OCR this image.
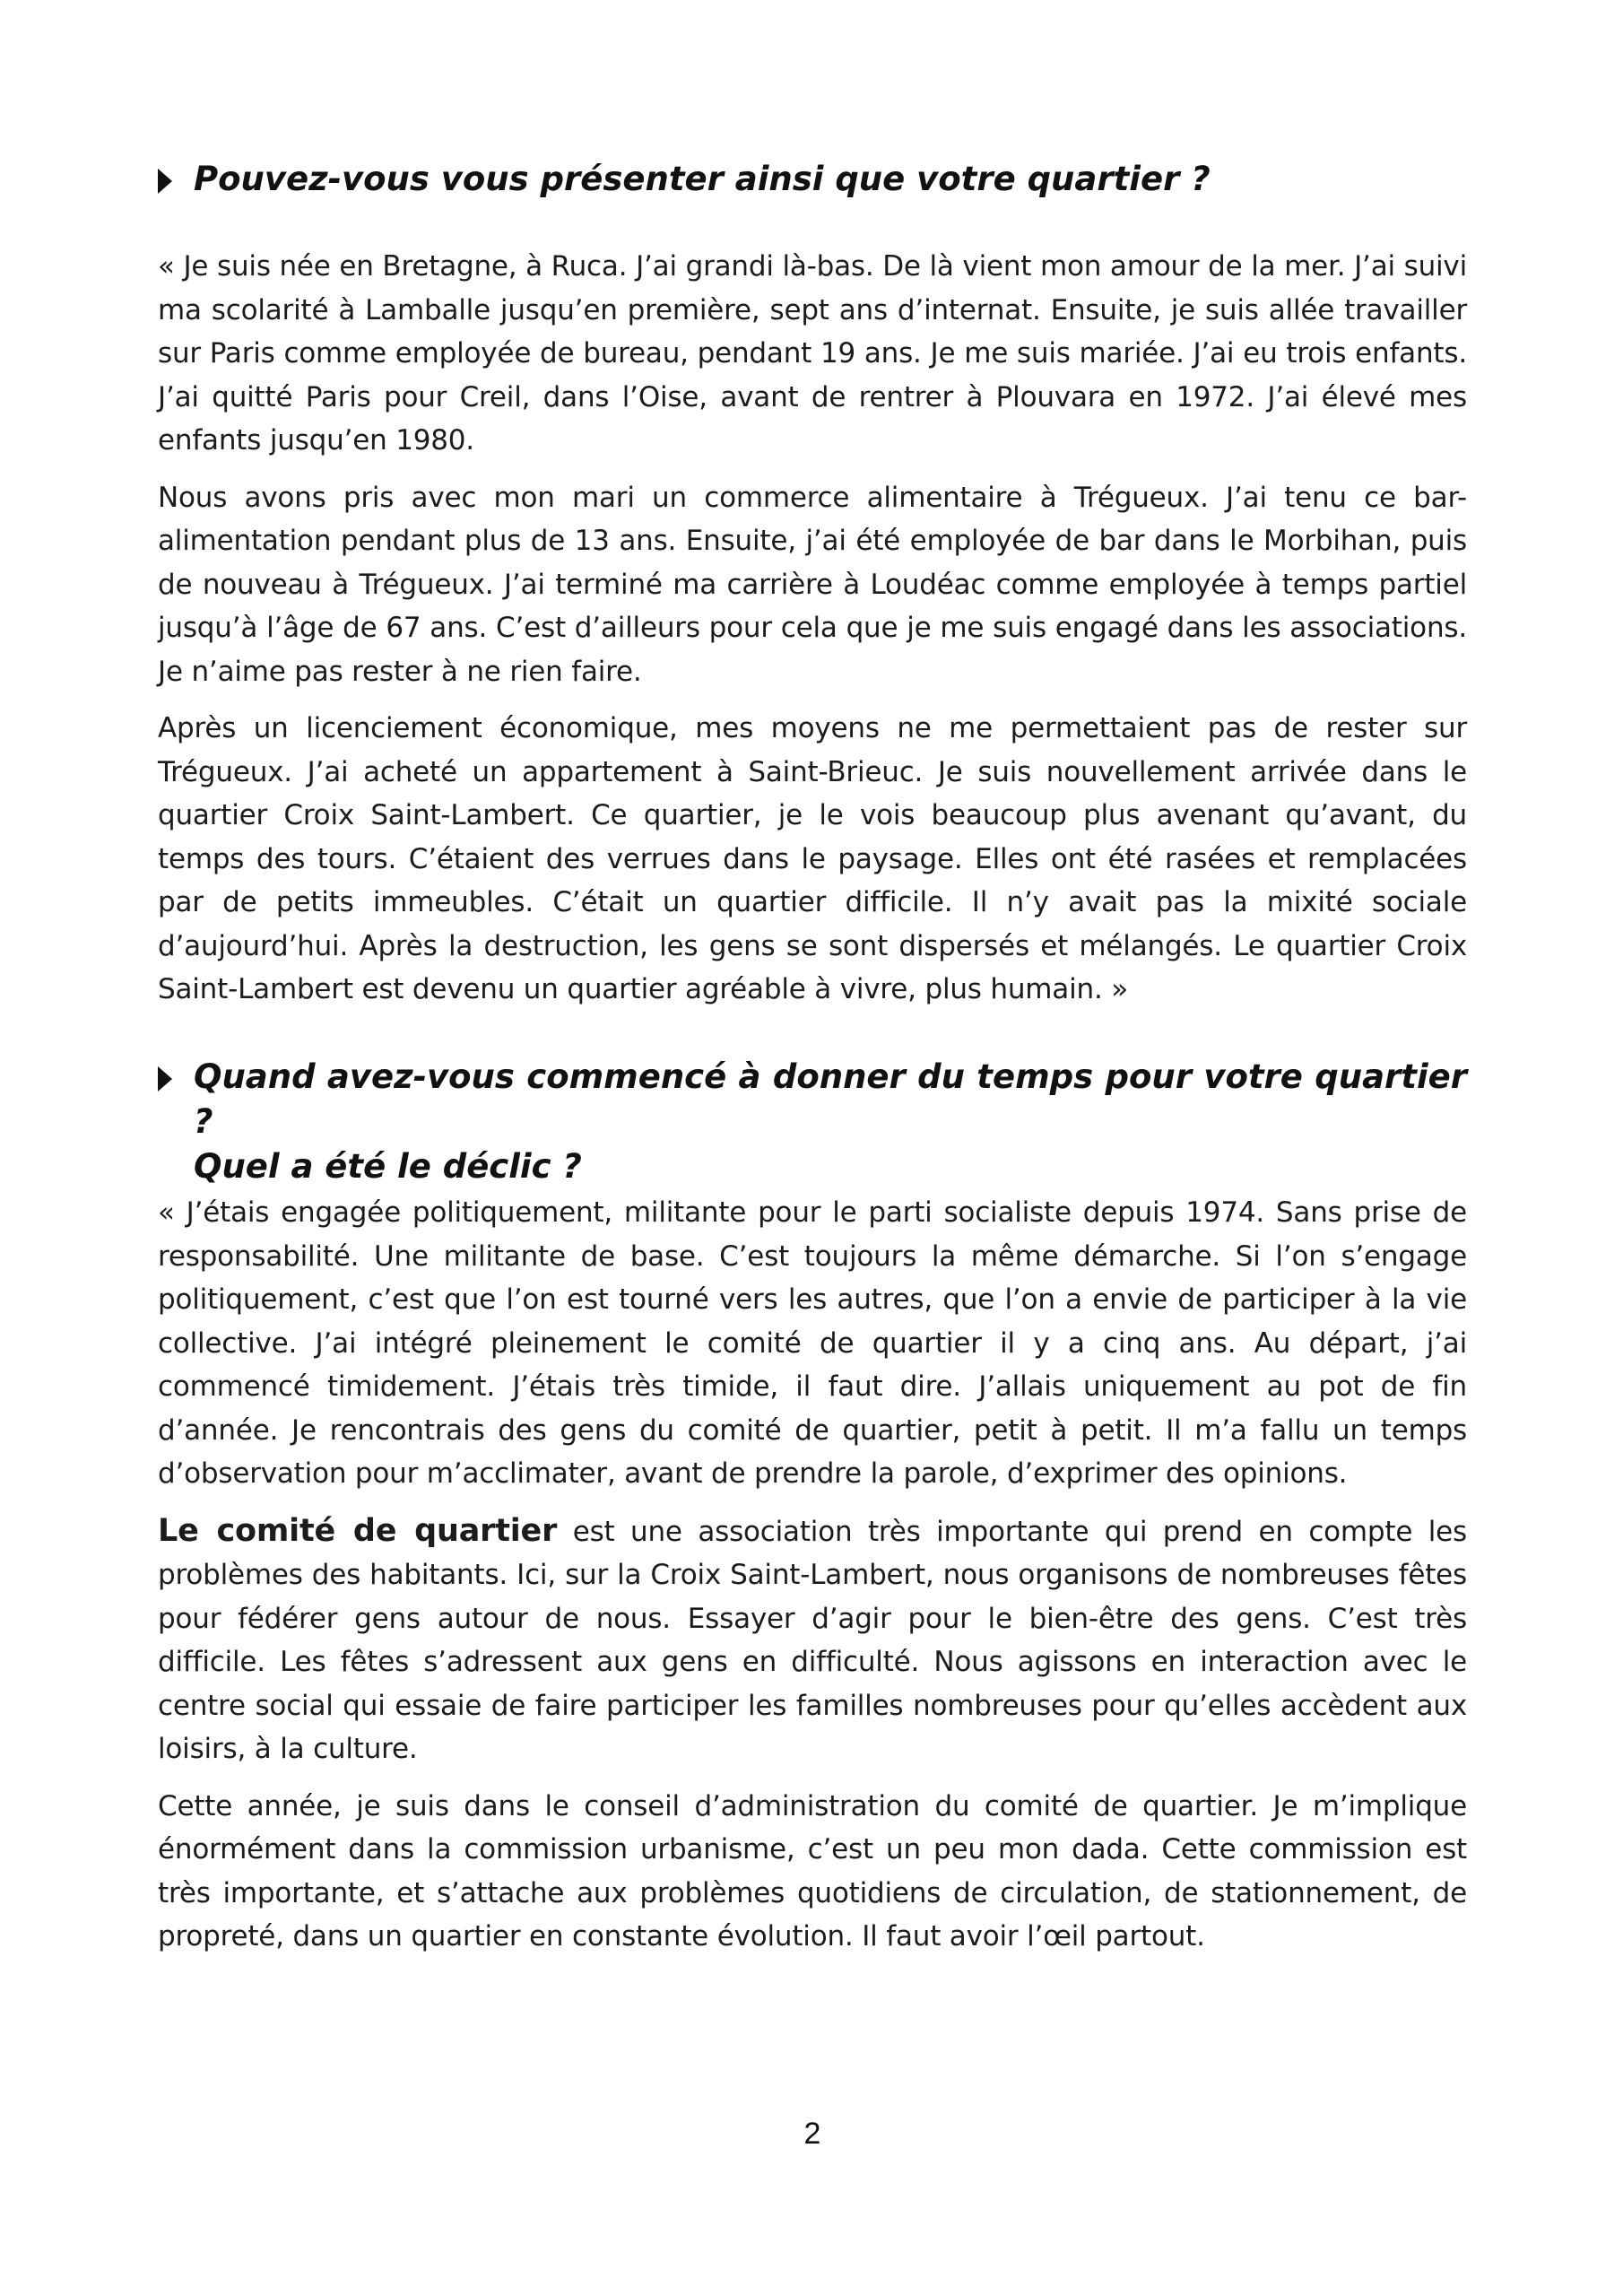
Pouvez-vous vous présenter ainsi que votre quartier ?

« Je suis née en Bretagne, à Ruca. J’ai grandi là-bas. De là vient mon amour de la mer. J’ai suivi ma scolarité à Lamballe jusqu’en première, sept ans d’internat. Ensuite, je suis allée travailler sur Paris comme employée de bureau, pendant 19 ans. Je me suis mariée. J’ai eu trois enfants. J’ai quitté Paris pour Creil, dans l’Oise, avant de rentrer à Plouvara en 1972. J’ai élevé mes enfants jusqu’en 1980.

Nous avons pris avec mon mari un commerce alimentaire à Trégueux. J’ai tenu ce bar-alimentation pendant plus de 13 ans. Ensuite, j’ai été employée de bar dans le Morbihan, puis de nouveau à Trégueux. J’ai terminé ma carrière à Loudéac comme employée à temps partiel jusqu’à l’âge de 67 ans. C’est d’ailleurs pour cela que je me suis engagé dans les associations. Je n’aime pas rester à ne rien faire.

Après un licenciement économique, mes moyens ne me permettaient pas de rester sur Trégueux. J’ai acheté un appartement à Saint-Brieuc. Je suis nouvellement arrivée dans le quartier Croix Saint-Lambert. Ce quartier, je le vois beaucoup plus avenant qu’avant, du temps des tours. C’étaient des verrues dans le paysage. Elles ont été rasées et remplacées par de petits immeubles. C’était un quartier difficile. Il n’y avait pas la mixité sociale d’aujourd’hui. Après la destruction, les gens se sont dispersés et mélangés. Le quartier Croix Saint-Lambert est devenu un quartier agréable à vivre, plus humain. »

Quand avez-vous commencé à donner du temps pour votre quartier ?
Quel a été le déclic ?

« J’étais engagée politiquement, militante pour le parti socialiste depuis 1974. Sans prise de responsabilité. Une militante de base. C’est toujours la même démarche. Si l’on s’engage politiquement, c’est que l’on est tourné vers les autres, que l’on a envie de participer à la vie collective. J’ai intégré pleinement le comité de quartier il y a cinq ans. Au départ, j’ai commencé timidement. J’étais très timide, il faut dire. J’allais uniquement au pot de fin d’année. Je rencontrais des gens du comité de quartier, petit à petit. Il m’a fallu un temps d’observation pour m’acclimater, avant de prendre la parole, d’exprimer des opinions.

Le comité de quartier est une association très importante qui prend en compte les problèmes des habitants. Ici, sur la Croix Saint-Lambert, nous organisons de nombreuses fêtes pour fédérer gens autour de nous. Essayer d’agir pour le bien-être des gens. C’est très difficile. Les fêtes s’adressent aux gens en difficulté. Nous agissons en interaction avec le centre social qui essaie de faire participer les familles nombreuses pour qu’elles accèdent aux loisirs, à la culture.

Cette année, je suis dans le conseil d’administration du comité de quartier. Je m’implique énormément dans la commission urbanisme, c’est un peu mon dada. Cette commission est très importante, et s’attache aux problèmes quotidiens de circulation, de stationnement, de propreté, dans un quartier en constante évolution. Il faut avoir l’œil partout.

2
